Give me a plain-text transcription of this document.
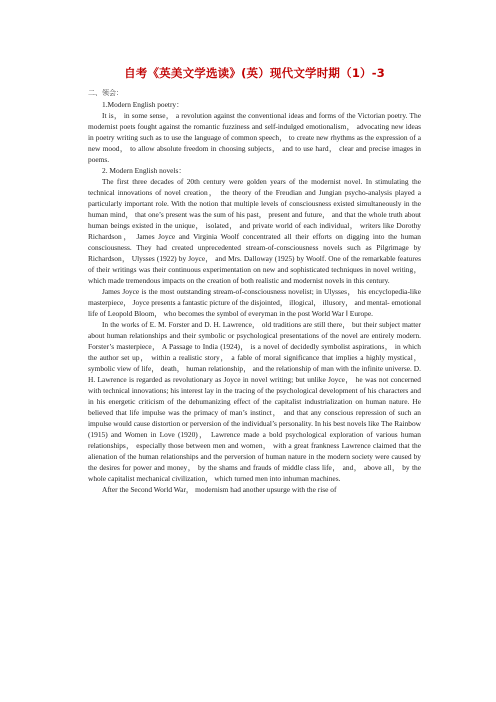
自考《英美文学选读》(英）现代文学时期（1）-3

二、领会：

1.Modern English poetry：

It is， in some sense， a revolution against the conventional ideas and forms of the Victorian poetry. The modernist poets fought against the romantic fuzziness and self-indulged emotionalism， advocating new ideas in poetry writing such as to use the language of common speech， to create new rhythms as the expression of a new mood， to allow absolute freedom in choosing subjects， and to use hard， clear and precise images in poems.

2. Modern English novels：

The first three decades of 20th century were golden years of the modernist novel. In stimulating the technical innovations of novel creation， the theory of the Freudian and Jungian psycho-analysis played a particularly important role. With the notion that multiple levels of consciousness existed simultaneously in the human mind， that one’s present was the sum of his past， present and future， and that the whole truth about human beings existed in the unique， isolated， and private world of each individual， writers like Dorothy Richardson， James Joyce and Virginia Woolf concentrated all their efforts on digging into the human consciousness. They had created unprecedented stream-of-consciousness novels such as Pilgrimage by Richardson， Ulysses (1922) by Joyce， and Mrs. Dalloway (1925) by Woolf. One of the remarkable features of their writings was their continuous experimentation on new and sophisticated techniques in novel writing， which made tremendous impacts on the creation of both realistic and modernist novels in this century.

James Joyce is the most outstanding stream-of-consciousness novelist; in Ulysses， his encyclopedia-like masterpiece， Joyce presents a fantastic picture of the disjointed， illogical， illusory， and mental- emotional life of Leopold Bloom， who becomes the symbol of everyman in the post World War Ⅰ Europe.

In the works of E. M. Forster and D. H. Lawrence， old traditions are still there， but their subject matter about human relationships and their symbolic or psychological presentations of the novel are entirely modern. Forster’s masterpiece， A Passage to India (1924)， is a novel of decidedly symbolist aspirations， in which the author set up， within a realistic story， a fable of moral significance that implies a highly mystical， symbolic view of life， death， human relationship， and the relationship of man with the infinite universe. D. H. Lawrence is regarded as revolutionary as Joyce in novel writing; but unlike Joyce， he was not concerned with technical innovations; his interest lay in the tracing of the psychological development of his characters and in his energetic criticism of the dehumanizing effect of the capitalist industrialization on human nature. He believed that life impulse was the primacy of man’s instinct， and that any conscious repression of such an impulse would cause distortion or perversion of the individual’s personality. In his best novels like The Rainbow (1915) and Women in Love (1920)， Lawrence made a bold psychological exploration of various human relationships， especially those between men and women， with a great frankness Lawrence claimed that the alienation of the human relationships and the perversion of human nature in the modern society were caused by the desires for power and money， by the shams and frauds of middle class life， and， above all， by the whole capitalist mechanical civilization， which turned men into inhuman machines.

After the Second World War， modernism had another upsurge with the rise of
